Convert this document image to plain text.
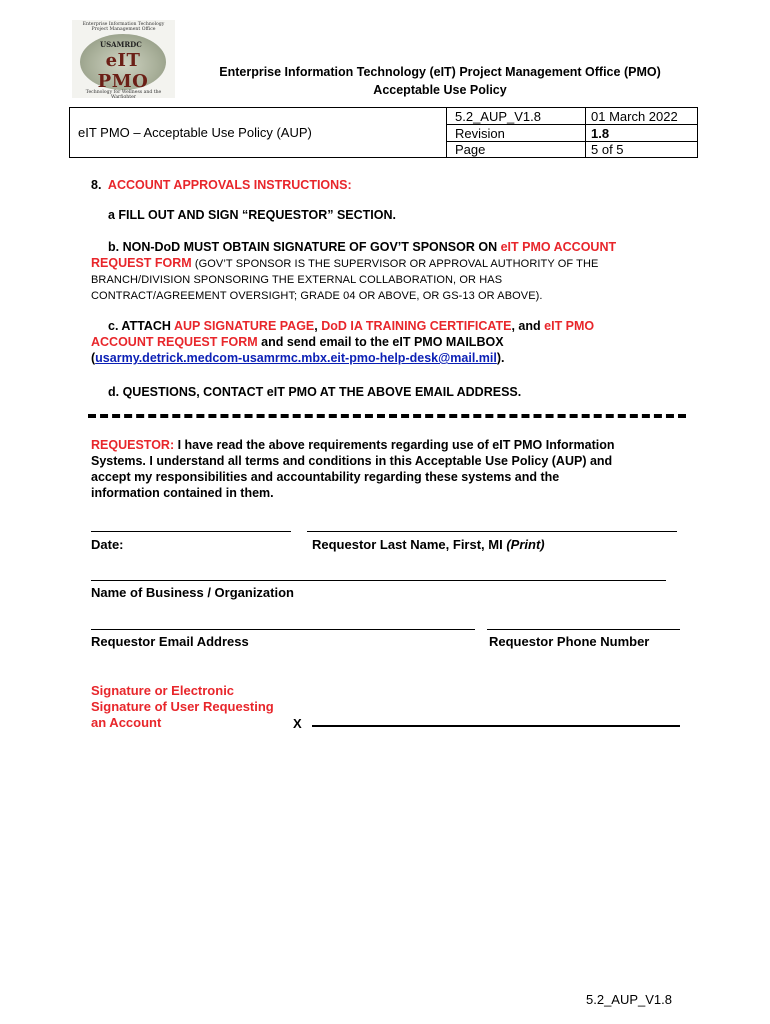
Enterprise Information Technology
Project Management Office
USAMRDC
eIT PMO
Technology for Wellness and the Warfighter
Enterprise Information Technology (eIT) Project Management Office (PMO)
Acceptable Use Policy
eIT PMO – Acceptable Use Policy (AUP)
5.2_AUP_V1.8	01 March 2022
Revision	1.8
Page	5 of 5
8. ACCOUNT APPROVALS INSTRUCTIONS:
a FILL OUT AND SIGN “REQUESTOR” SECTION.
b. NON-DoD MUST OBTAIN SIGNATURE OF GOV’T SPONSOR ON eIT PMO ACCOUNT
REQUEST FORM (GOV’T SPONSOR IS THE SUPERVISOR OR APPROVAL AUTHORITY OF THE
BRANCH/DIVISION SPONSORING THE EXTERNAL COLLABORATION, OR HAS
CONTRACT/AGREEMENT OVERSIGHT; GRADE 04 OR ABOVE, OR GS-13 OR ABOVE).
c. ATTACH AUP SIGNATURE PAGE, DoD IA TRAINING CERTIFICATE, and eIT PMO
ACCOUNT REQUEST FORM and send email to the eIT PMO MAILBOX
(usarmy.detrick.medcom-usamrmc.mbx.eit-pmo-help-desk@mail.mil).
d. QUESTIONS, CONTACT eIT PMO AT THE ABOVE EMAIL ADDRESS.
REQUESTOR: I have read the above requirements regarding use of eIT PMO Information
Systems. I understand all terms and conditions in this Acceptable Use Policy (AUP) and
accept my responsibilities and accountability regarding these systems and the
information contained in them.
Date:	Requestor Last Name, First, MI (Print)
Name of Business / Organization
Requestor Email Address	Requestor Phone Number
Signature or Electronic
Signature of User Requesting
an Account	X
5.2_AUP_V1.8
